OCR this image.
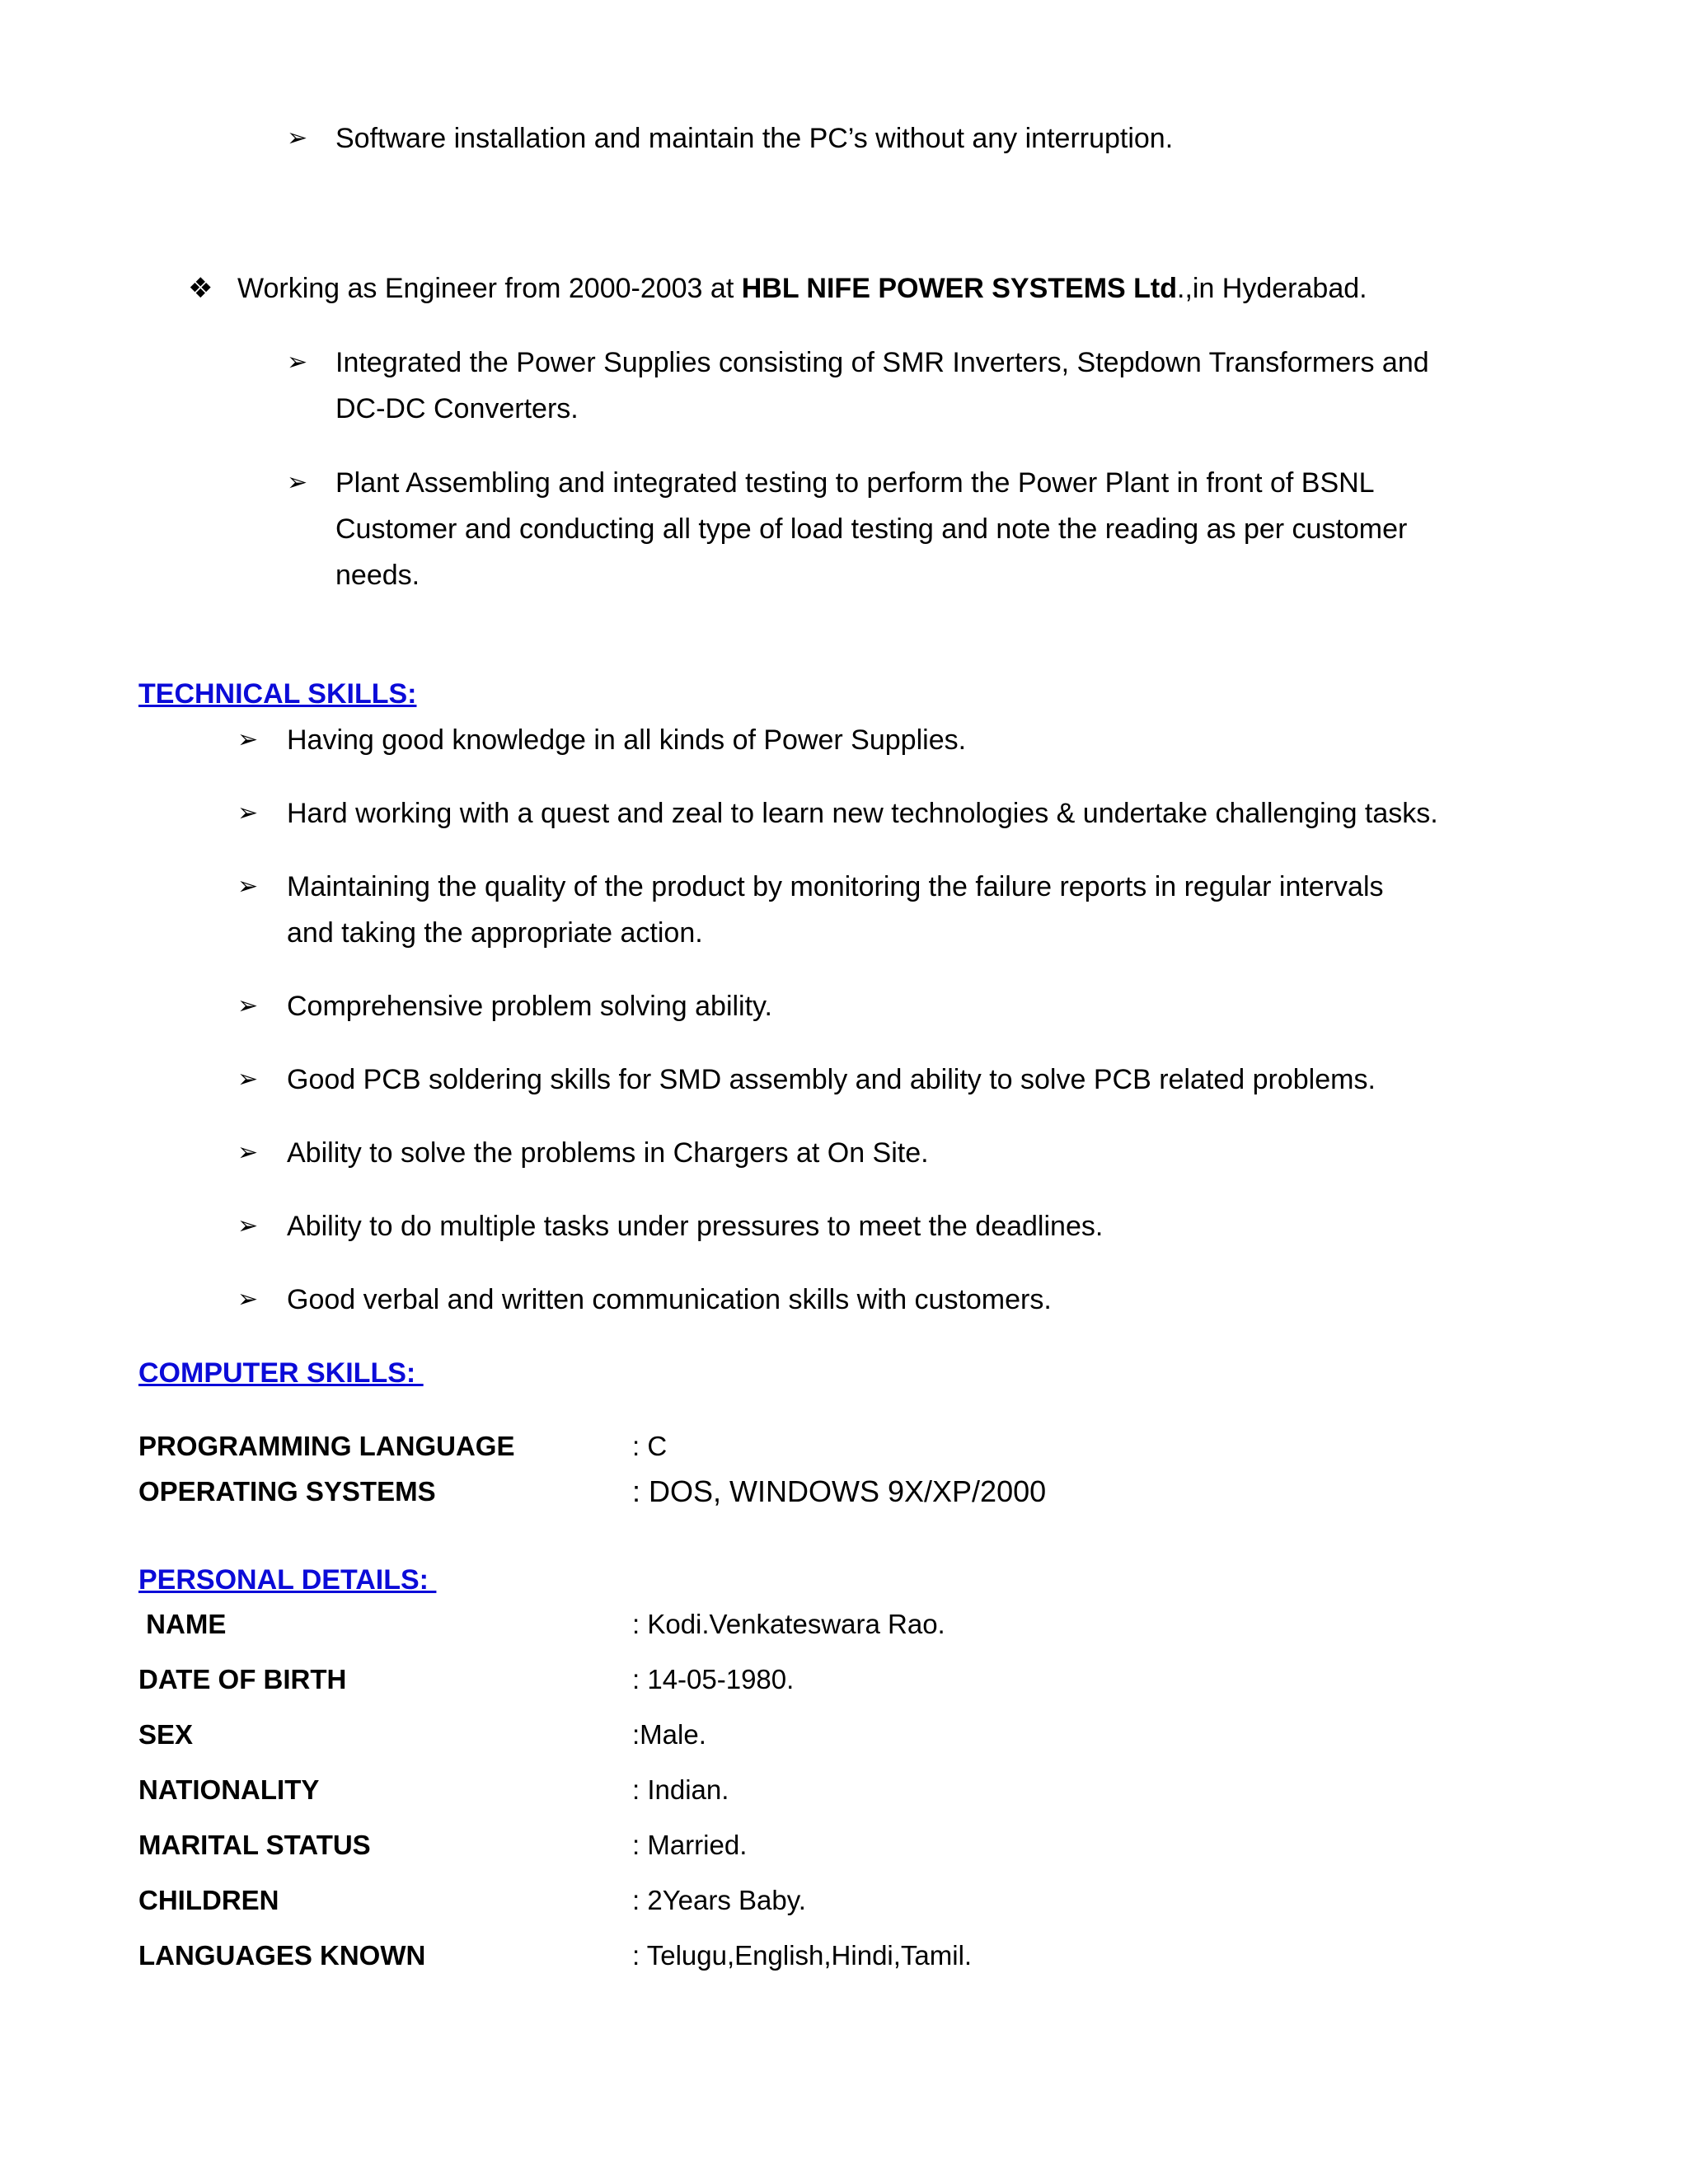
➢ Software installation and maintain the PC’s without any interruption.
❖ Working as Engineer from 2000-2003 at HBL NIFE POWER SYSTEMS Ltd.,in Hyderabad.
➢ Integrated the Power Supplies consisting of SMR Inverters, Stepdown Transformers and
DC-DC Converters.
➢ Plant Assembling and integrated testing to perform the Power Plant in front of BSNL
Customer and conducting all type of load testing and note the reading as per customer
needs.
TECHNICAL SKILLS:
➢ Having good knowledge in all kinds of Power Supplies.
➢ Hard working with a quest and zeal to learn new technologies & undertake challenging tasks.
➢ Maintaining the quality of the product by monitoring the failure reports in regular intervals
and taking the appropriate action.
➢ Comprehensive problem solving ability.
➢ Good PCB soldering skills for SMD assembly and ability to solve PCB related problems.
➢ Ability to solve the problems in Chargers at On Site.
➢ Ability to do multiple tasks under pressures to meet the deadlines.
➢ Good verbal and written communication skills with customers.
COMPUTER SKILLS:
PROGRAMMING LANGUAGE	: C
OPERATING SYSTEMS	: DOS, WINDOWS 9X/XP/2000
PERSONAL DETAILS:
NAME	: Kodi.Venkateswara Rao.
DATE OF BIRTH	: 14-05-1980.
SEX	:Male.
NATIONALITY	: Indian.
MARITAL STATUS	: Married.
CHILDREN	: 2Years Baby.
LANGUAGES KNOWN	: Telugu,English,Hindi,Tamil.
